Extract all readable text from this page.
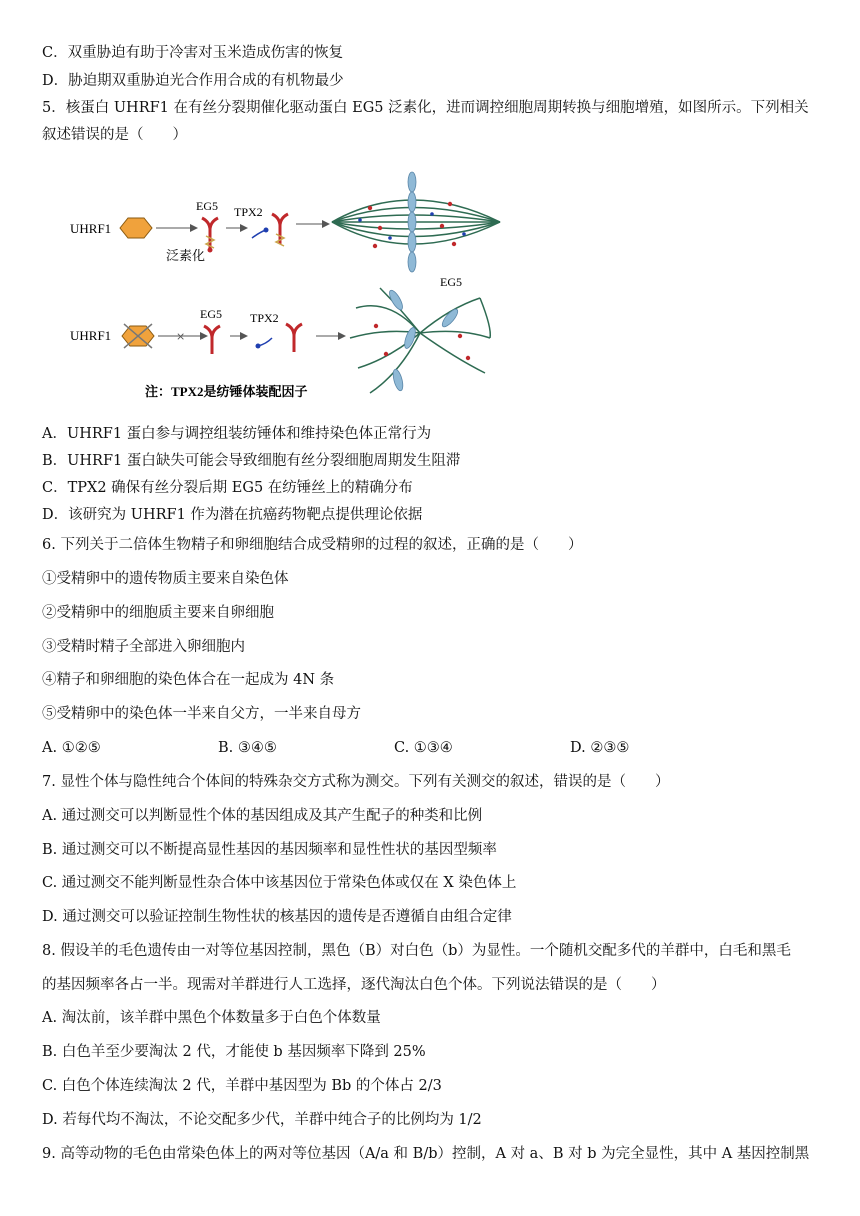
C．双重胁迫有助于冷害对玉米造成伤害的恢复
D．胁迫期双重胁迫光合作用合成的有机物最少
5．核蛋白 UHRF1 在有丝分裂期催化驱动蛋白 EG5 泛素化，进而调控细胞周期转换与细胞增殖，如图所示。下列相关
叙述错误的是（　　）
UHRF1
EG5
泛素化
TPX2
UHRF1	×
EG5 TPX2
EG5
注：TPX2是纺锤体装配因子
A．UHRF1 蛋白参与调控组装纺锤体和维持染色体正常行为
B．UHRF1 蛋白缺失可能会导致细胞有丝分裂细胞周期发生阻滞
C．TPX2 确保有丝分裂后期 EG5 在纺锤丝上的精确分布
D．该研究为 UHRF1 作为潜在抗癌药物靶点提供理论依据
6. 下列关于二倍体生物精子和卵细胞结合成受精卵的过程的叙述，正确的是（　　）
①受精卵中的遗传物质主要来自染色体
②受精卵中的细胞质主要来自卵细胞
③受精时精子全部进入卵细胞内
④精子和卵细胞的染色体合在一起成为 4N 条
⑤受精卵中的染色体一半来自父方，一半来自母方
A. ①②⑤	B. ③④⑤	C. ①③④	D. ②③⑤
7. 显性个体与隐性纯合个体间的特殊杂交方式称为测交。下列有关测交的叙述，错误的是（　　）
A. 通过测交可以判断显性个体的基因组成及其产生配子的种类和比例
B. 通过测交可以不断提高显性基因的基因频率和显性性状的基因型频率
C. 通过测交不能判断显性杂合体中该基因位于常染色体或仅在 X 染色体上
D. 通过测交可以验证控制生物性状的核基因的遗传是否遵循自由组合定律
8. 假设羊的毛色遗传由一对等位基因控制，黑色（B）对白色（b）为显性。一个随机交配多代的羊群中，白毛和黑毛
的基因频率各占一半。现需对羊群进行人工选择，逐代淘汰白色个体。下列说法错误的是（　　）
A. 淘汰前，该羊群中黑色个体数量多于白色个体数量
B. 白色羊至少要淘汰 2 代，才能使 b 基因频率下降到 25%
C. 白色个体连续淘汰 2 代，羊群中基因型为 Bb 的个体占 2/3
D. 若每代均不淘汰，不论交配多少代，羊群中纯合子的比例均为 1/2
9. 高等动物的毛色由常染色体上的两对等位基因（A/a 和 B/b）控制，A 对 a、B 对 b 为完全显性，其中 A 基因控制黑
